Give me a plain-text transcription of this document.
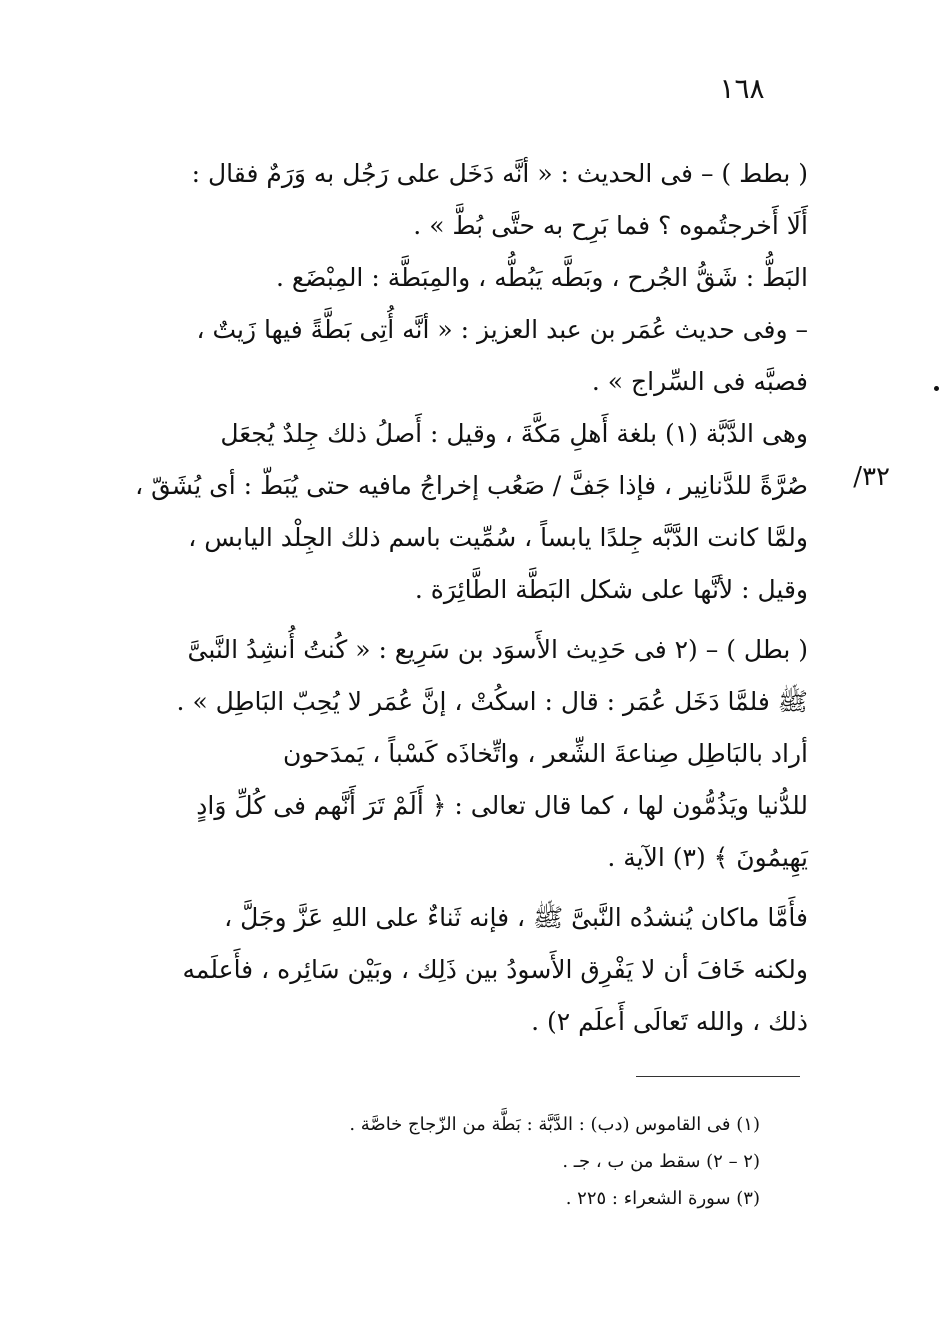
١٦٨
/٣٢

( بطط ) – فى الحديث : « أنَّه دَخَل على رَجُل به وَرَمٌ فقال :

أَلَا أَخرجتُموه ؟ فما بَرِح به حتَّى بُطَّ » .

البَطُّ : شَقُّ الجُرح ، وبَطَّه يَبُطُّه ، والمِبَطَّة : المِبْضَع .

– وفى حديث عُمَر بن عبد العزيز : « أنَّه أُتِى بَطَّةً فيها زَيتٌ ،

فصبَّه فى السِّراج » .

وهى الدَّبَّة (١) بلغة أَهلِ مَكَّةَ ، وقيل : أَصلُ ذلك جِلدٌ يُجعَل

صُرَّةً للدَّنانِير ، فإذا جَفَّ / صَعُب إخراجُ مافيه حتى يُبَطّ : أى يُشَقّ ،

ولمَّا كانت الدَّبَّه جِلدًا يابساً ، سُمِّيت باسم ذلك الجِلْد اليابس ،

وقيل : لأنَّها على شكل البَطَّة الطَّائِرَة .

( بطل ) – (٢ فى حَدِيث الأَسوَد بن سَرِيع : « كُنتُ أُنشِدُ النَّبىَّ

ﷺ فلمَّا دَخَل عُمَر : قال : اسكُتْ ، إنَّ عُمَر لا يُحِبّ البَاطِل » .

أراد بالبَاطِل صِناعةَ الشِّعر ، واتِّخاذَه كَسْباً ، يَمدَحون

للدُّنيا ويَذُمُّون لها ، كما قال تعالى : ﴿ أَلَمْ تَرَ أَنَّهم فى كُلِّ وَادٍ

يَهِيمُونَ ﴾ (٣) الآية .

فأَمَّا ماكان يُنشدُه النَّبىَّ ﷺ ، فإنه ثَناءٌ على اللهِ عَزَّ وجَلَّ ،

ولكنه خَافَ أن لا يَفْرِق الأَسودُ بين ذَلِك ، وبَيْن سَائِره ، فأَعلَمه

ذلك ، والله تَعالَى أَعلَم ٢) .

(١) فى القاموس (دب) : الدَّبَّة : بَطَّة من الزّجاج خاصَّة .
(٢ – ٢) سقط من ب ، جـ .
(٣) سورة الشعراء : ٢٢٥ .
